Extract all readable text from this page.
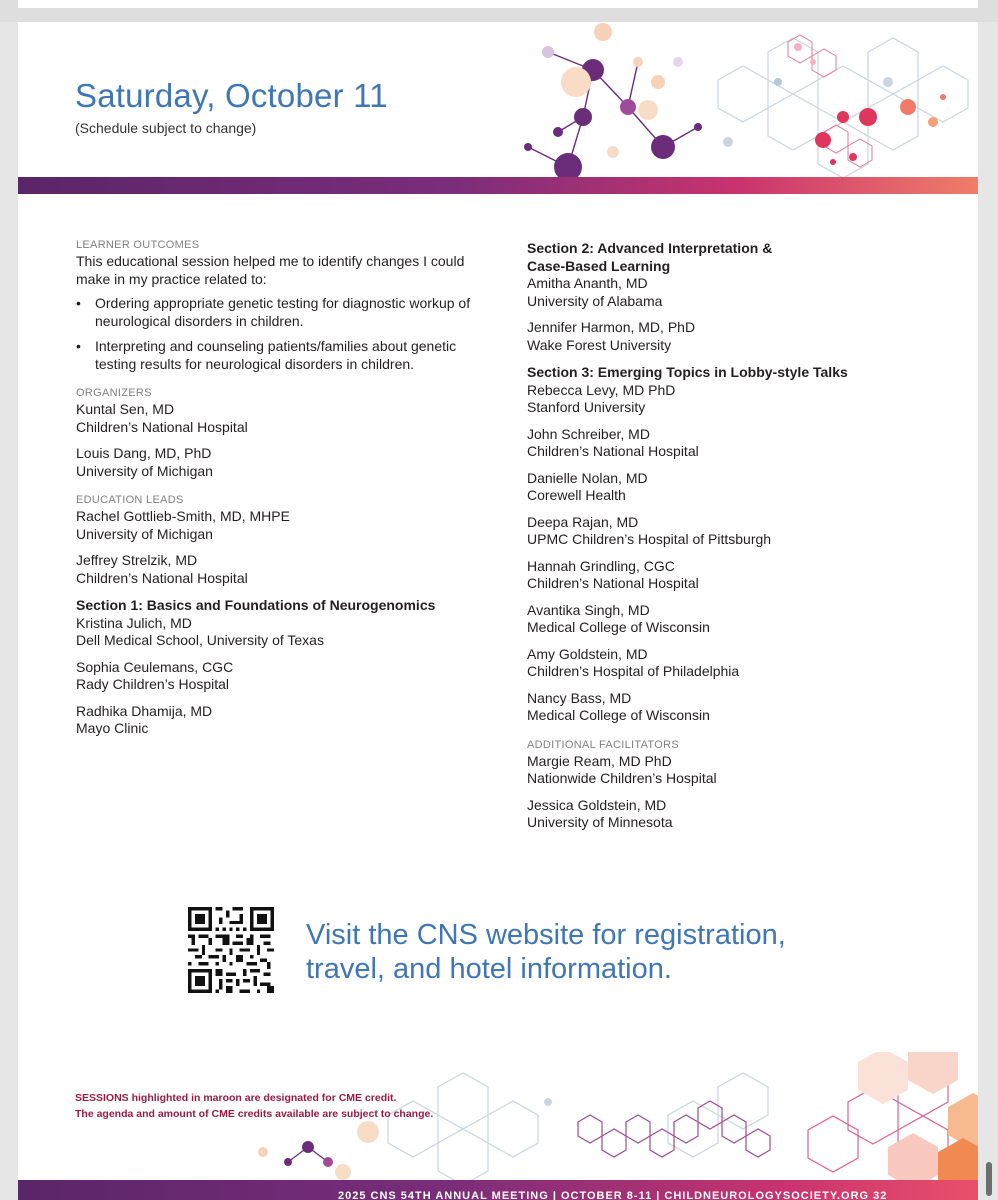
Saturday, October 11
(Schedule subject to change)
LEARNER OUTCOMES
This educational session helped me to identify changes I could make in my practice related to:
• Ordering appropriate genetic testing for diagnostic workup of neurological disorders in children.
• Interpreting and counseling patients/families about genetic testing results for neurological disorders in children.
ORGANIZERS
Kuntal Sen, MD
Children’s National Hospital
Louis Dang, MD, PhD
University of Michigan
EDUCATION LEADS
Rachel Gottlieb-Smith, MD, MHPE
University of Michigan
Jeffrey Strelzik, MD
Children’s National Hospital
Section 1: Basics and Foundations of Neurogenomics
Kristina Julich, MD
Dell Medical School, University of Texas
Sophia Ceulemans, CGC
Rady Children’s Hospital
Radhika Dhamija, MD
Mayo Clinic
Section 2: Advanced Interpretation &
Case-Based Learning
Amitha Ananth, MD
University of Alabama
Jennifer Harmon, MD, PhD
Wake Forest University
Section 3: Emerging Topics in Lobby-style Talks
Rebecca Levy, MD PhD
Stanford University
John Schreiber, MD
Children’s National Hospital
Danielle Nolan, MD
Corewell Health
Deepa Rajan, MD
UPMC Children’s Hospital of Pittsburgh
Hannah Grindling, CGC
Children’s National Hospital
Avantika Singh, MD
Medical College of Wisconsin
Amy Goldstein, MD
Children’s Hospital of Philadelphia
Nancy Bass, MD
Medical College of Wisconsin
ADDITIONAL FACILITATORS
Margie Ream, MD PhD
Nationwide Children’s Hospital
Jessica Goldstein, MD
University of Minnesota
Visit the CNS website for registration,
travel, and hotel information.
SESSIONS highlighted in maroon are designated for CME credit.
The agenda and amount of CME credits available are subject to change.
2025 CNS 54TH ANNUAL MEETING | OCTOBER 8-11 | CHILDNEUROLOGYSOCIETY.ORG 32
